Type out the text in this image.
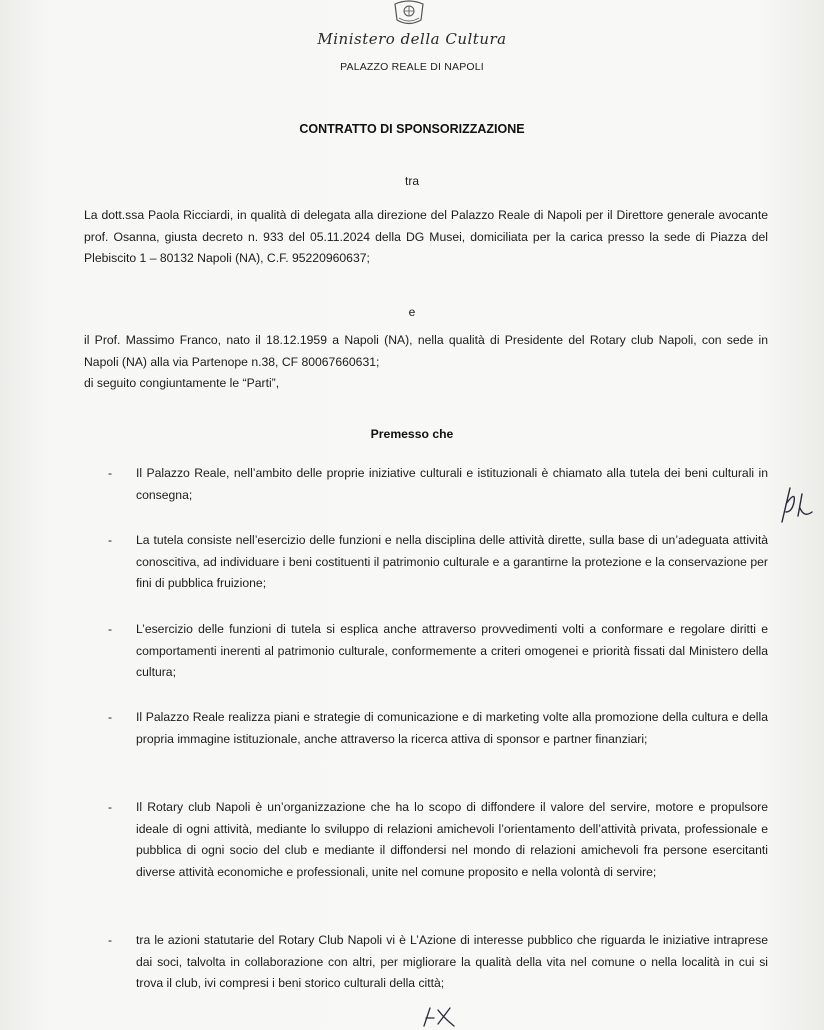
Ministero della Cultura
PALAZZO REALE DI NAPOLI
CONTRATTO DI SPONSORIZZAZIONE
tra
La dott.ssa Paola Ricciardi, in qualità di delegata alla direzione del Palazzo Reale di Napoli per il Direttore generale avocante prof. Osanna, giusta decreto n. 933 del 05.11.2024 della DG Musei, domiciliata per la carica presso la sede di Piazza del Plebiscito 1 – 80132 Napoli (NA), C.F. 95220960637;
e
il Prof. Massimo Franco, nato il 18.12.1959 a Napoli (NA), nella qualità di Presidente del Rotary club Napoli, con sede in Napoli (NA) alla via Partenope n.38, CF 80067660631;
di seguito congiuntamente le “Parti”,
Premesso che
-	Il Palazzo Reale, nell’ambito delle proprie iniziative culturali e istituzionali è chiamato alla tutela dei beni culturali in consegna;
-	La tutela consiste nell’esercizio delle funzioni e nella disciplina delle attività dirette, sulla base di un’adeguata attività conoscitiva, ad individuare i beni costituenti il patrimonio culturale e a garantirne la protezione e la conservazione per fini di pubblica fruizione;
-	L’esercizio delle funzioni di tutela si esplica anche attraverso provvedimenti volti a conformare e regolare diritti e comportamenti inerenti al patrimonio culturale, conformemente a criteri omogenei e priorità fissati dal Ministero della cultura;
-	Il Palazzo Reale realizza piani e strategie di comunicazione e di marketing volte alla promozione della cultura e della propria immagine istituzionale, anche attraverso la ricerca attiva di sponsor e partner finanziari;
-	Il Rotary club Napoli è un’organizzazione che ha lo scopo di diffondere il valore del servire, motore e propulsore ideale di ogni attività, mediante lo sviluppo di relazioni amichevoli l’orientamento dell’attività privata, professionale e pubblica di ogni socio del club e mediante il diffondersi nel mondo di relazioni amichevoli fra persone esercitanti diverse attività economiche e professionali, unite nel comune proposito e nella volontà di servire;
-	tra le azioni statutarie del Rotary Club Napoli vi è L’Azione di interesse pubblico che riguarda le iniziative intraprese dai soci, talvolta in collaborazione con altri, per migliorare la qualità della vita nel comune o nella località in cui si trova il club, ivi compresi i beni storico culturali della città;
